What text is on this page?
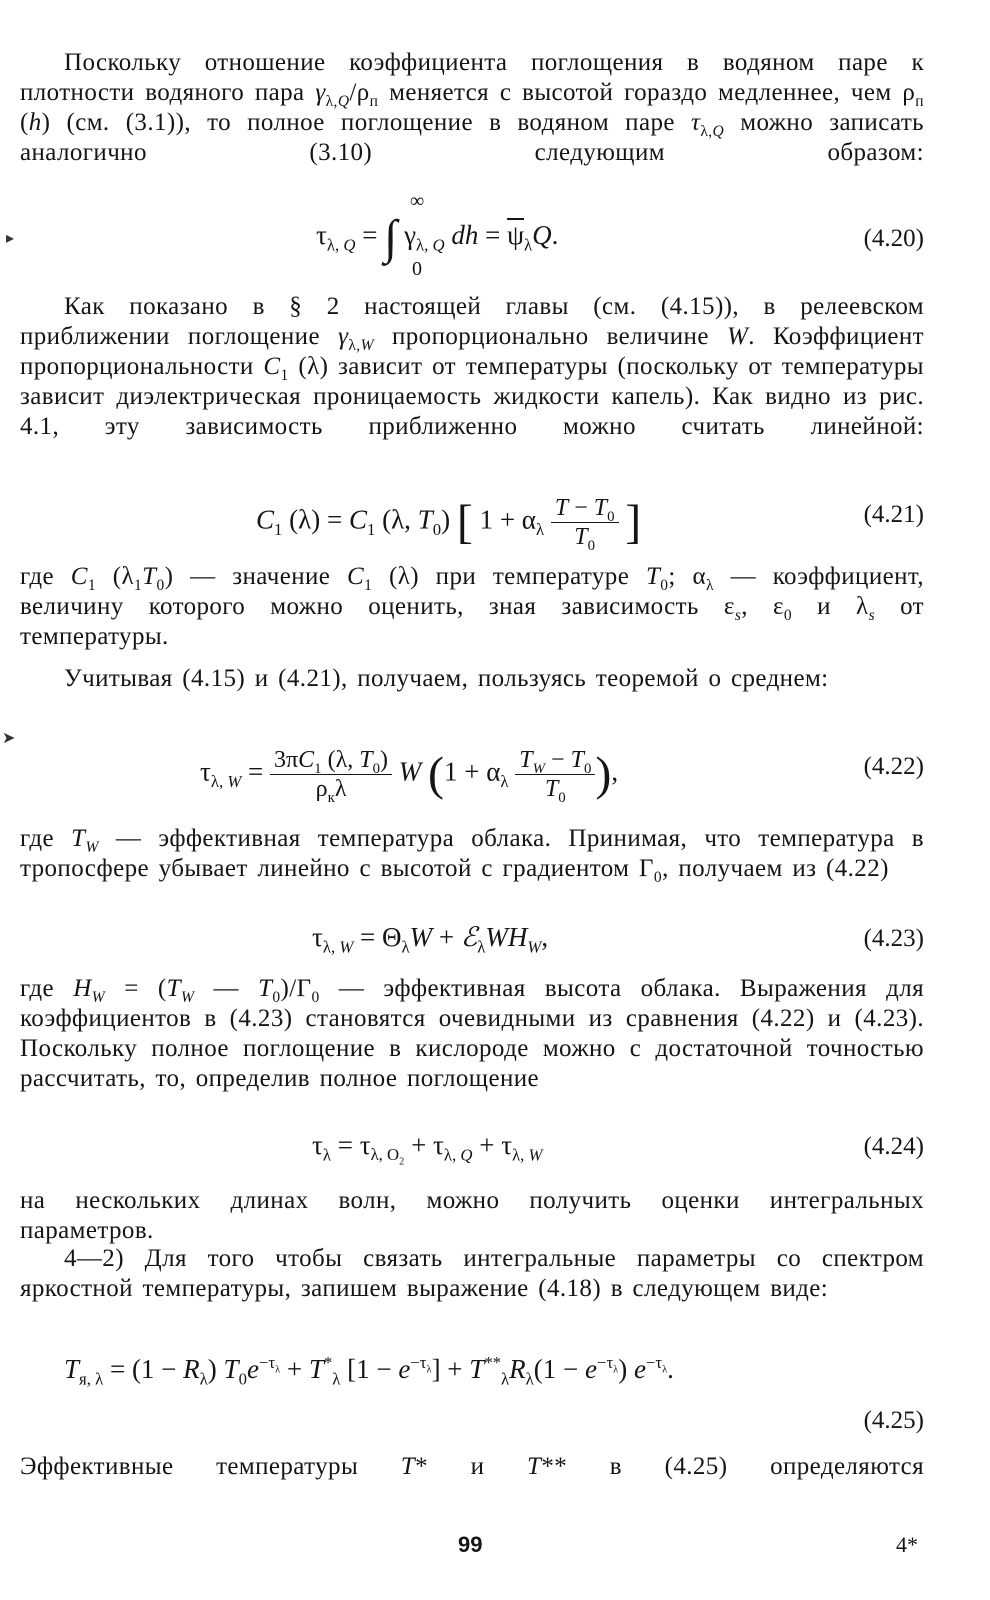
Поскольку отношение коэффициента поглощения в водяном паре к плотности водяного пара $\gamma_{\lambda,Q}/\rho_п$ меняется с высотой гораздо медленнее, чем $\rho_п$ (h) (см. (3.1)), то полное поглощение в водяном паре $\tau_{\lambda,Q}$ можно записать аналогично (3.10) следующим образом:

$\tau_{\lambda, Q}$ = ∫ $\gamma_{\lambda, Q}$ dh = $\overline{\psi}_\lambda Q$.
∞
0
(4.20)

Как показано в § 2 настоящей главы (см. (4.15)), в релеевском приближении поглощение $\gamma_{\lambda,W}$ пропорционально величине W. Коэффициент пропорциональности $C_1$ (λ) зависит от температуры (поскольку от температуры зависит диэлектрическая проницаемость жидкости капель). Как видно из рис. 4.1, эту зависимость приближенно можно считать линейной:

$C_1$ $(\lambda) = C_1$ (λ, $T_0$) [ $1 + \alpha_\lambda \frac{T - T_0}{T_0}$ ]	(4.21)

где $C_1$ $(\lambda_1T_0)$ — значение $C_1$ (λ) при температуре $T_0$; $\alpha_\lambda$ — коэффициент, величину которого можно оценить, зная зависимость $\varepsilon_s$, $\varepsilon_0$ и $\lambda_s$ от температуры.

Учитывая (4.15) и (4.21), получаем, пользуясь теоремой о среднем:

$\tau_{\lambda, W} = \frac{3\pi C_1 (\lambda, T_0)}{\rho_к\lambda}$ W ($1 + \alpha_\lambda \frac{T_W - T_0}{T_0}$ ),	(4.22)

где $T_W$ — эффективная температура облака. Принимая, что температура в тропосфере убывает линейно с высотой с градиентом $\Gamma_0$, получаем из (4.22)

$\tau_{\lambda, W} = \Theta_\lambda W$ + $ℰ_\lambda WH_W$,	(4.23)

где $H_W = (T_W$ — $T_0)/\Gamma_0$ — эффективная высота облака. Выражения для коэффициентов в (4.23) становятся очевидными из сравнения (4.22) и (4.23). Поскольку полное поглощение в кислороде можно с достаточной точностью рассчитать, то, определив полное поглощение

$\tau_\lambda = \tau_{\lambda, O_2} + \tau_{\lambda, Q} + \tau_{\lambda, W}$	(4.24)

на нескольких длинах волн, можно получить оценки интегральных параметров.

4—2) Для того чтобы связать интегральные параметры со спектром яркостной температуры, запишем выражение (4.18) в следующем виде:

$T_{я, \lambda} = (1 - R_\lambda) T_0e^{-\tau_\lambda} + T^*_\lambda$ $[1 - e^{-\tau_\lambda}] + T^{**}_\lambda R_\lambda(1 - e^{-\tau_\lambda})$ $e^{-\tau_\lambda}$.
(4.25)

Эффективные температуры T* и T** в (4.25) определяются

99	4*
▸
➤
